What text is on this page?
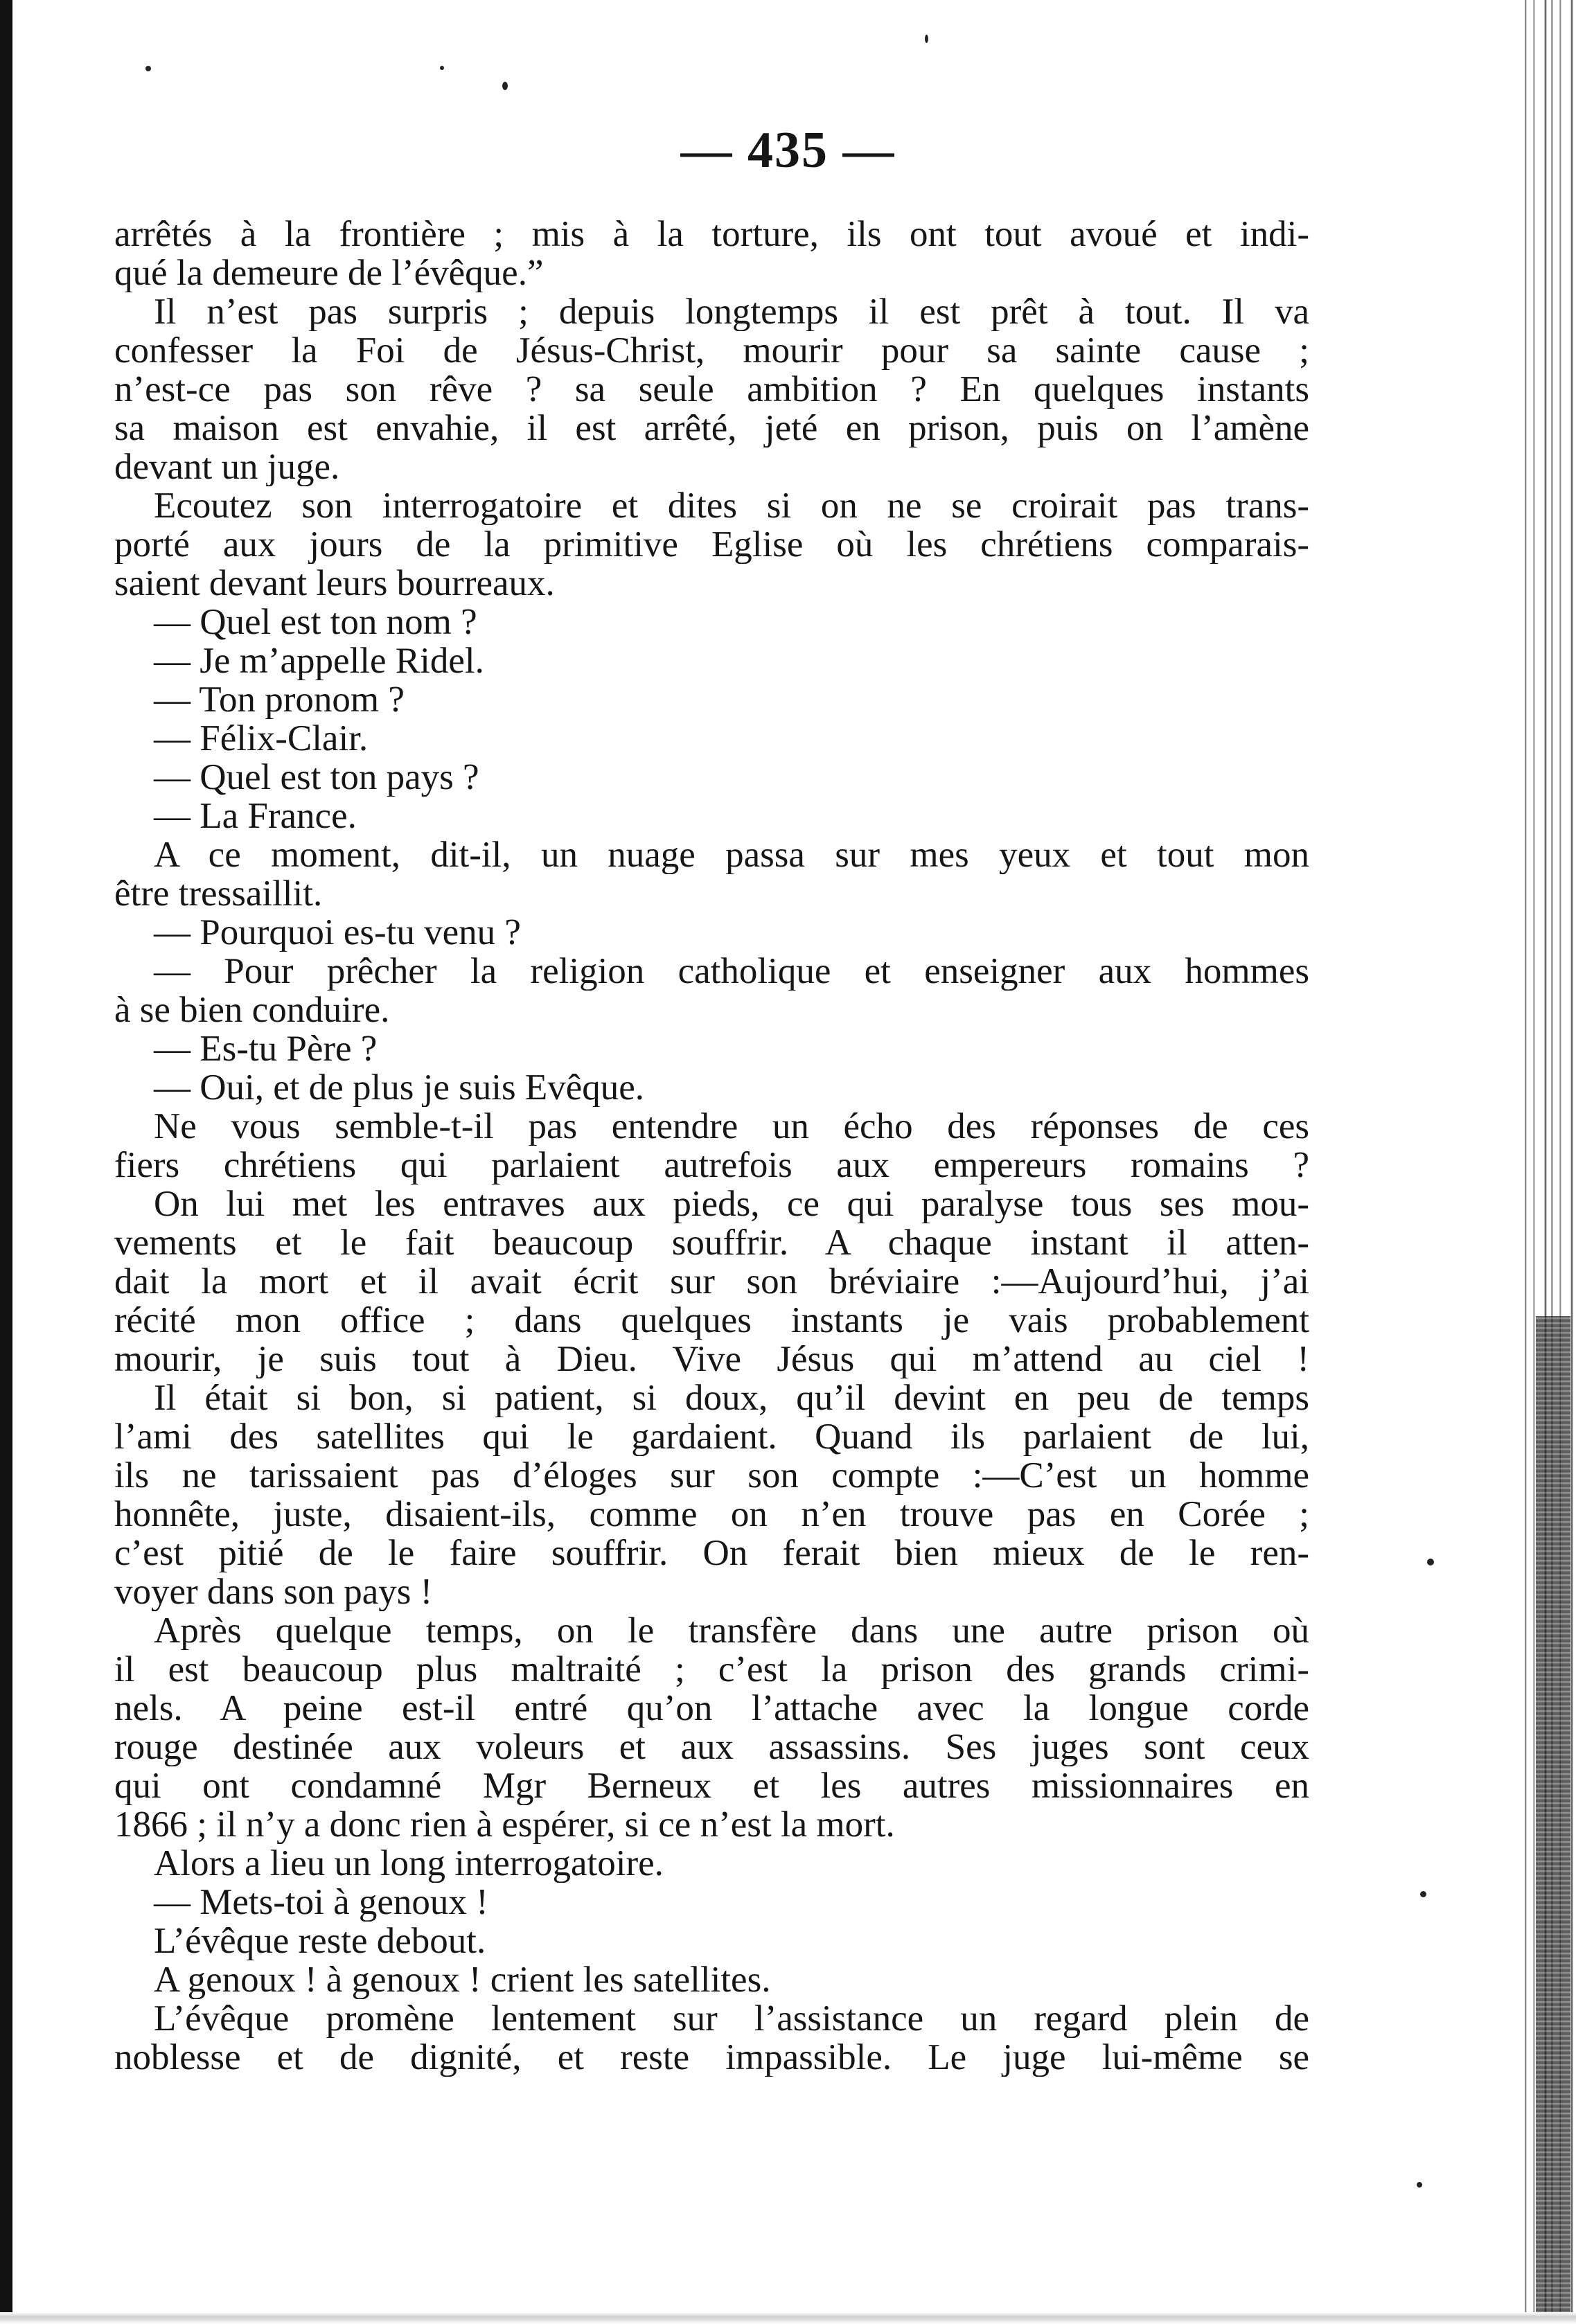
— 435 —
arrêtés à la frontière ; mis à la torture, ils ont tout avoué et indi-
qué la demeure de l’évêque.”
Il n’est pas surpris ; depuis longtemps il est prêt à tout. Il va
confesser la Foi de Jésus-Christ, mourir pour sa sainte cause ;
n’est-ce pas son rêve ? sa seule ambition ? En quelques instants
sa maison est envahie, il est arrêté, jeté en prison, puis on l’amène
devant un juge.
Ecoutez son interrogatoire et dites si on ne se croirait pas trans-
porté aux jours de la primitive Eglise où les chrétiens comparais-
saient devant leurs bourreaux.
— Quel est ton nom ?
— Je m’appelle Ridel.
— Ton pronom ?
— Félix-Clair.
— Quel est ton pays ?
— La France.
A ce moment, dit-il, un nuage passa sur mes yeux et tout mon
être tressaillit.
— Pourquoi es-tu venu ?
— Pour prêcher la religion catholique et enseigner aux hommes
à se bien conduire.
— Es-tu Père ?
— Oui, et de plus je suis Evêque.
Ne vous semble-t-il pas entendre un écho des réponses de ces
fiers chrétiens qui parlaient autrefois aux empereurs romains ?
On lui met les entraves aux pieds, ce qui paralyse tous ses mou-
vements et le fait beaucoup souffrir. A chaque instant il atten-
dait la mort et il avait écrit sur son bréviaire :—Aujourd’hui, j’ai
récité mon office ; dans quelques instants je vais probablement
mourir, je suis tout à Dieu. Vive Jésus qui m’attend au ciel !
Il était si bon, si patient, si doux, qu’il devint en peu de temps
l’ami des satellites qui le gardaient. Quand ils parlaient de lui,
ils ne tarissaient pas d’éloges sur son compte :—C’est un homme
honnête, juste, disaient-ils, comme on n’en trouve pas en Corée ;
c’est pitié de le faire souffrir. On ferait bien mieux de le ren-
voyer dans son pays !
Après quelque temps, on le transfère dans une autre prison où
il est beaucoup plus maltraité ; c’est la prison des grands crimi-
nels. A peine est-il entré qu’on l’attache avec la longue corde
rouge destinée aux voleurs et aux assassins. Ses juges sont ceux
qui ont condamné Mgr Berneux et les autres missionnaires en
1866 ; il n’y a donc rien à espérer, si ce n’est la mort.
Alors a lieu un long interrogatoire.
— Mets-toi à genoux !
L’évêque reste debout.
A genoux ! à genoux ! crient les satellites.
L’évêque promène lentement sur l’assistance un regard plein de
noblesse et de dignité, et reste impassible. Le juge lui-même se
